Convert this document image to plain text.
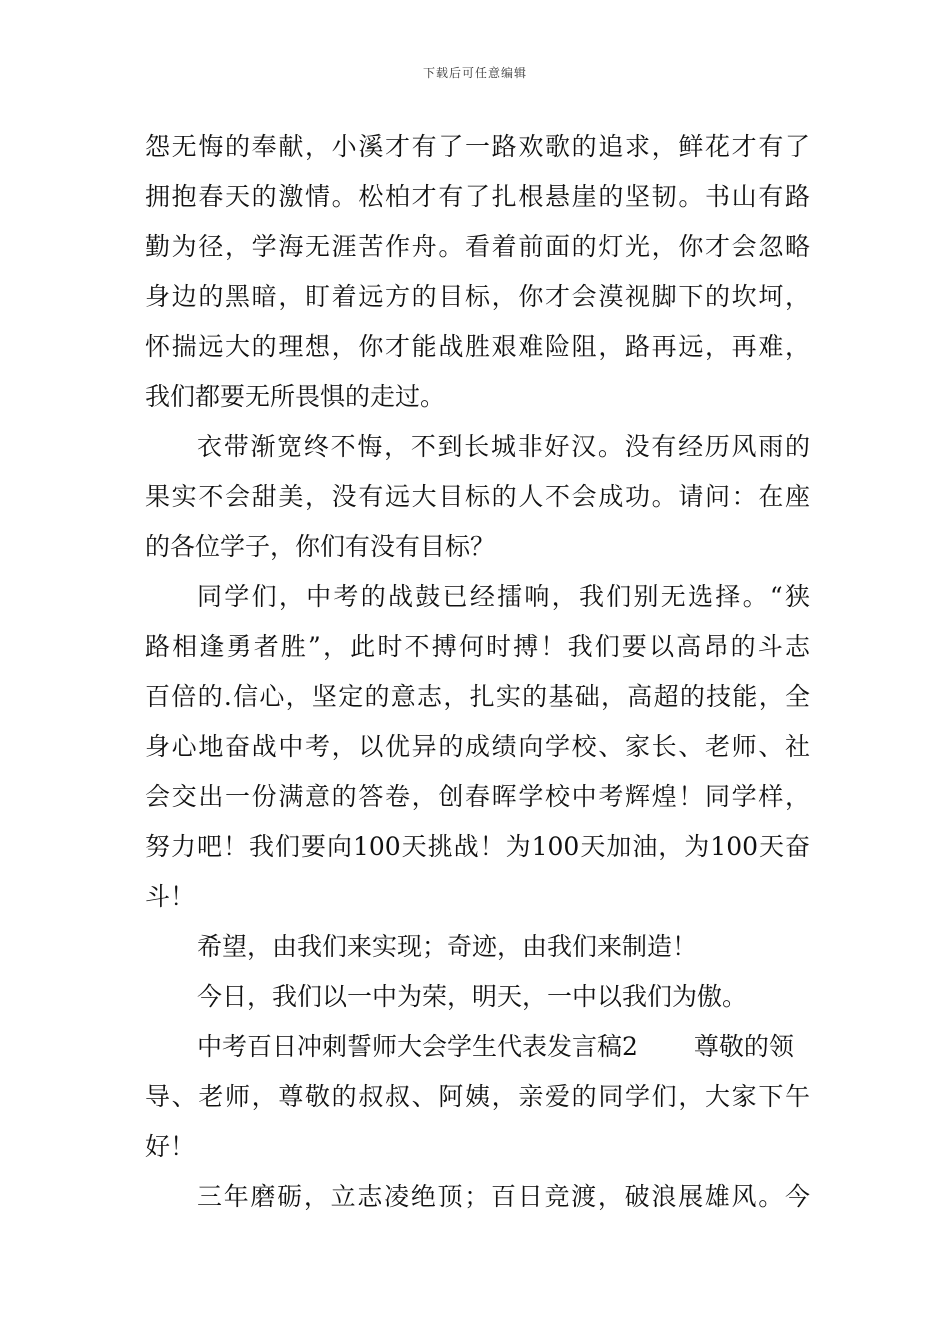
下载后可任意编辑
怨无悔的奉献，小溪才有了一路欢歌的追求，鲜花才有了
拥抱春天的激情。松柏才有了扎根悬崖的坚韧。书山有路
勤为径，学海无涯苦作舟。看着前面的灯光，你才会忽略
身边的黑暗，盯着远方的目标，你才会漠视脚下的坎坷，
怀揣远大的理想，你才能战胜艰难险阻，路再远，再难，
我们都要无所畏惧的走过。
衣带渐宽终不悔，不到长城非好汉。没有经历风雨的
果实不会甜美，没有远大目标的人不会成功。请问：在座
的各位学子，你们有没有目标？
同学们，中考的战鼓已经擂响，我们别无选择。“狭
路相逢勇者胜”，此时不搏何时搏！我们要以高昂的斗志
百倍的.信心，坚定的意志，扎实的基础，高超的技能，全
身心地奋战中考，以优异的成绩向学校、家长、老师、社
会交出一份满意的答卷，创春晖学校中考辉煌！同学样，
努力吧！我们要向100天挑战！为100天加油，为100天奋
斗！
希望，由我们来实现；奇迹，由我们来制造！
今日，我们以一中为荣，明天，一中以我们为傲。
中考百日冲刺誓师大会学生代表发言稿2 尊敬的领
导、老师，尊敬的叔叔、阿姨，亲爱的同学们，大家下午
好！
三年磨砺，立志凌绝顶；百日竞渡，破浪展雄风。今
